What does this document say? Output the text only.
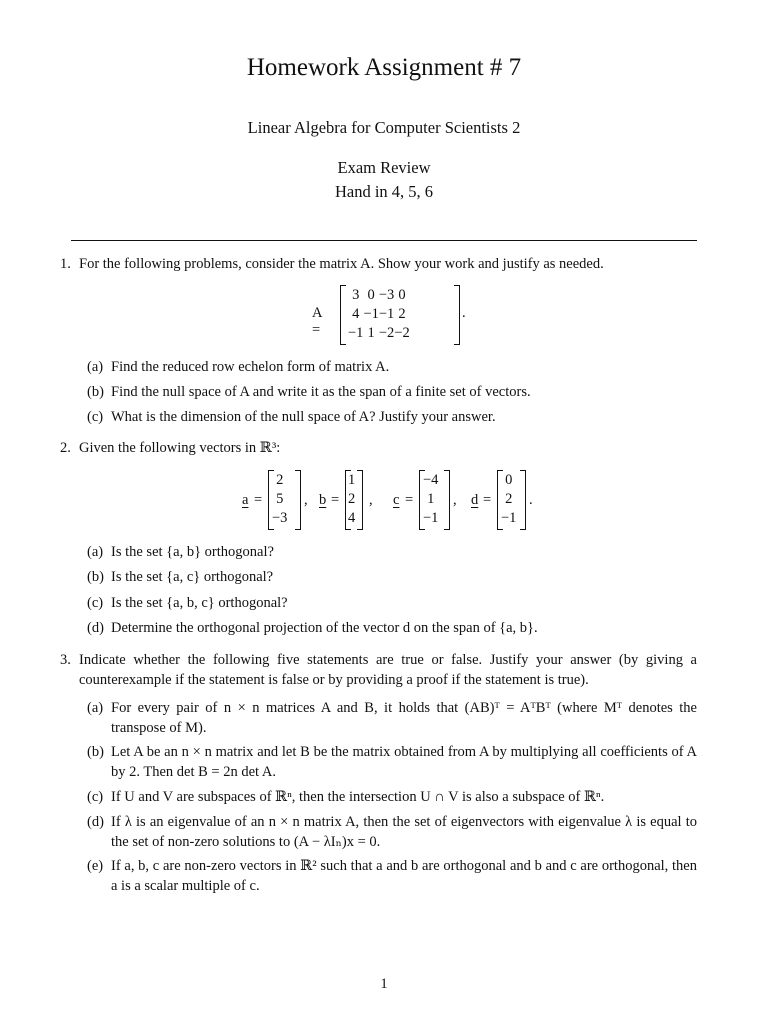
Homework Assignment # 7
Linear Algebra for Computer Scientists 2
Exam Review
Hand in 4, 5, 6
1. For the following problems, consider the matrix A. Show your work and justify as needed.
A =
3	0	−3	0
4	−1	−1	2
−1	1	−2	−2
.
(a) Find the reduced row echelon form of matrix A.
(b) Find the null space of A and write it as the span of a finite set of vectors.
(c) What is the dimension of the null space of A? Justify your answer.
2. Given the following vectors in ℝ³:
a =
2
5
−3
, b =
1
2
4
, c =
−4
1
−1
, d =
0
2
−1
.
(a) Is the set {a, b} orthogonal?
(b) Is the set {a, c} orthogonal?
(c) Is the set {a, b, c} orthogonal?
(d) Determine the orthogonal projection of the vector d on the span of {a, b}.
3. Indicate whether the following five statements are true or false. Justify your answer (by giving a counterexample if the statement is false or by providing a proof if the statement is true).
(a) For every pair of n × n matrices A and B, it holds that (AB)ᵀ = AᵀBᵀ (where Mᵀ denotes the transpose of M).
(b) Let A be an n × n matrix and let B be the matrix obtained from A by multiplying all coefficients of A by 2. Then det B = 2n det A.
(c) If U and V are subspaces of ℝⁿ, then the intersection U ∩ V is also a subspace of ℝⁿ.
(d) If λ is an eigenvalue of an n × n matrix A, then the set of eigenvectors with eigenvalue λ is equal to the set of non-zero solutions to (A − λIₙ)x = 0.
(e) If a, b, c are non-zero vectors in ℝ² such that a and b are orthogonal and b and c are orthogonal, then a is a scalar multiple of c.
1
